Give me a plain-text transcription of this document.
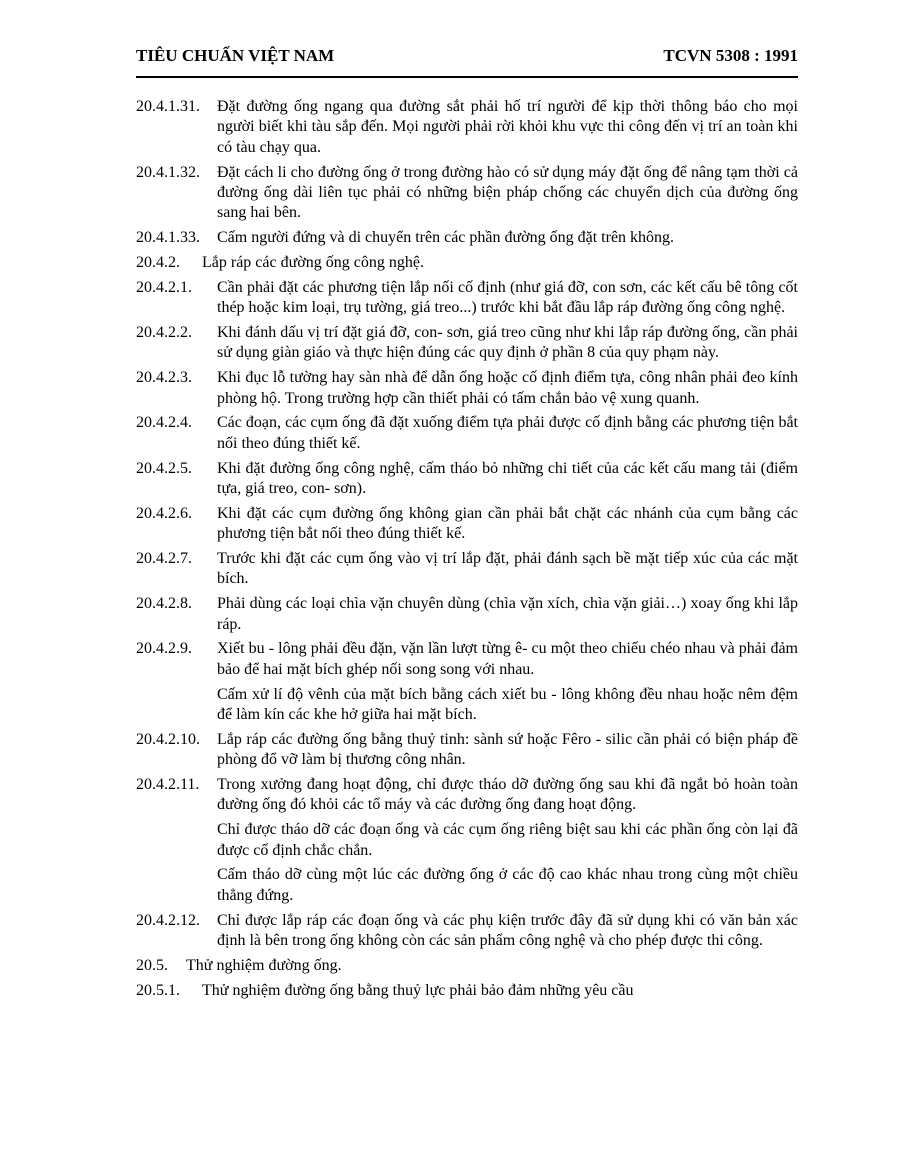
TIÊU CHUẨN VIỆT NAM	TCVN 5308 : 1991
20.4.1.31.	Đặt đường ống ngang qua đường sắt phải hố trí người để kịp thời thông báo cho mọi người biết khi tàu sắp đến. Mọi người phải rời khỏi khu vực thi công đến vị trí an toàn khi có tàu chạy qua.
20.4.1.32.	Đặt cách li cho đường ống ở trong đường hào có sử dụng máy đặt ống để nâng tạm thời cả đường ống dài liên tục phải có những biện pháp chống các chuyển dịch của đường ống sang hai bên.
20.4.1.33.	Cấm người đứng và di chuyển trên các phần đường ống đặt trên không.
20.4.2. Lắp ráp các đường ống công nghệ.
20.4.2.1.	Cần phải đặt các phương tiện lắp nối cố định (như giá đỡ, con sơn, các kết cấu bê tông cốt thép hoặc kim loại, trụ tường, giá treo...) trước khi bắt đầu lắp ráp đường ống công nghệ.
20.4.2.2.	Khi đánh dấu vị trí đặt giá đỡ, con- sơn, giá treo cũng như khi lắp ráp đường ống, cần phải sử dụng giàn giáo và thực hiện đúng các quy định ở phần 8 của quy phạm này.
20.4.2.3.	Khi đục lỗ tường hay sàn nhà để dẫn ống hoặc cố định điểm tựa, công nhân phải đeo kính phòng hộ. Trong trường hợp cần thiết phải có tấm chắn bảo vệ xung quanh.
20.4.2.4.	Các đoạn, các cụm ống đã đặt xuống điểm tựa phải được cố định bằng các phương tiện bắt nối theo đúng thiết kế.
20.4.2.5.	Khi đặt đường ống công nghệ, cấm tháo bỏ những chi tiết của các kết cấu mang tải (điểm tựa, giá treo, con- sơn).
20.4.2.6.	Khi đặt các cụm đường ống không gian cần phải bắt chặt các nhánh của cụm bằng các phương tiện bắt nối theo đúng thiết kế.
20.4.2.7.	Trước khi đặt các cụm ống vào vị trí lắp đặt, phải đánh sạch bề mặt tiếp xúc của các mặt bích.
20.4.2.8.	Phải dùng các loại chìa vặn chuyên dùng (chìa vặn xích, chìa vặn giải…) xoay ống khi lắp ráp.
20.4.2.9.	Xiết bu - lông phải đều đặn, vặn lần lượt từng ê- cu một theo chiếu chéo nhau và phải đảm bảo để hai mặt bích ghép nối song song với nhau.
Cấm xử lí độ vênh của mặt bích bằng cách xiết bu - lông không đều nhau hoặc nêm đệm để làm kín các khe hở giữa hai mặt bích.
20.4.2.10.	Lắp ráp các đường ống bằng thuỷ tinh: sành sứ hoặc Fêro - silic cần phải có biện pháp đề phòng đổ vỡ làm bị thương công nhân.
20.4.2.11.	Trong xưởng đang hoạt động, chỉ được tháo dỡ đường ống sau khi đã ngắt bỏ hoàn toàn đường ống đó khỏi các tổ máy và các đường ống đang hoạt động.
Chỉ được tháo dỡ các đoạn ống và các cụm ống riêng biệt sau khi các phần ống còn lại đã được cố định chắc chắn.
Cấm tháo dỡ cùng một lúc các đường ống ở các độ cao khác nhau trong cùng một chiều thẳng đứng.
20.4.2.12.	Chỉ được lắp ráp các đoạn ống và các phụ kiện trước đây đã sử dụng khi có văn bản xác định là bên trong ống không còn các sản phẩm công nghệ và cho phép được thi công.
20.5. Thử nghiệm đường ống.
20.5.1. Thử nghiệm đường ống bằng thuỷ lực phải bảo đảm những yêu cầu
